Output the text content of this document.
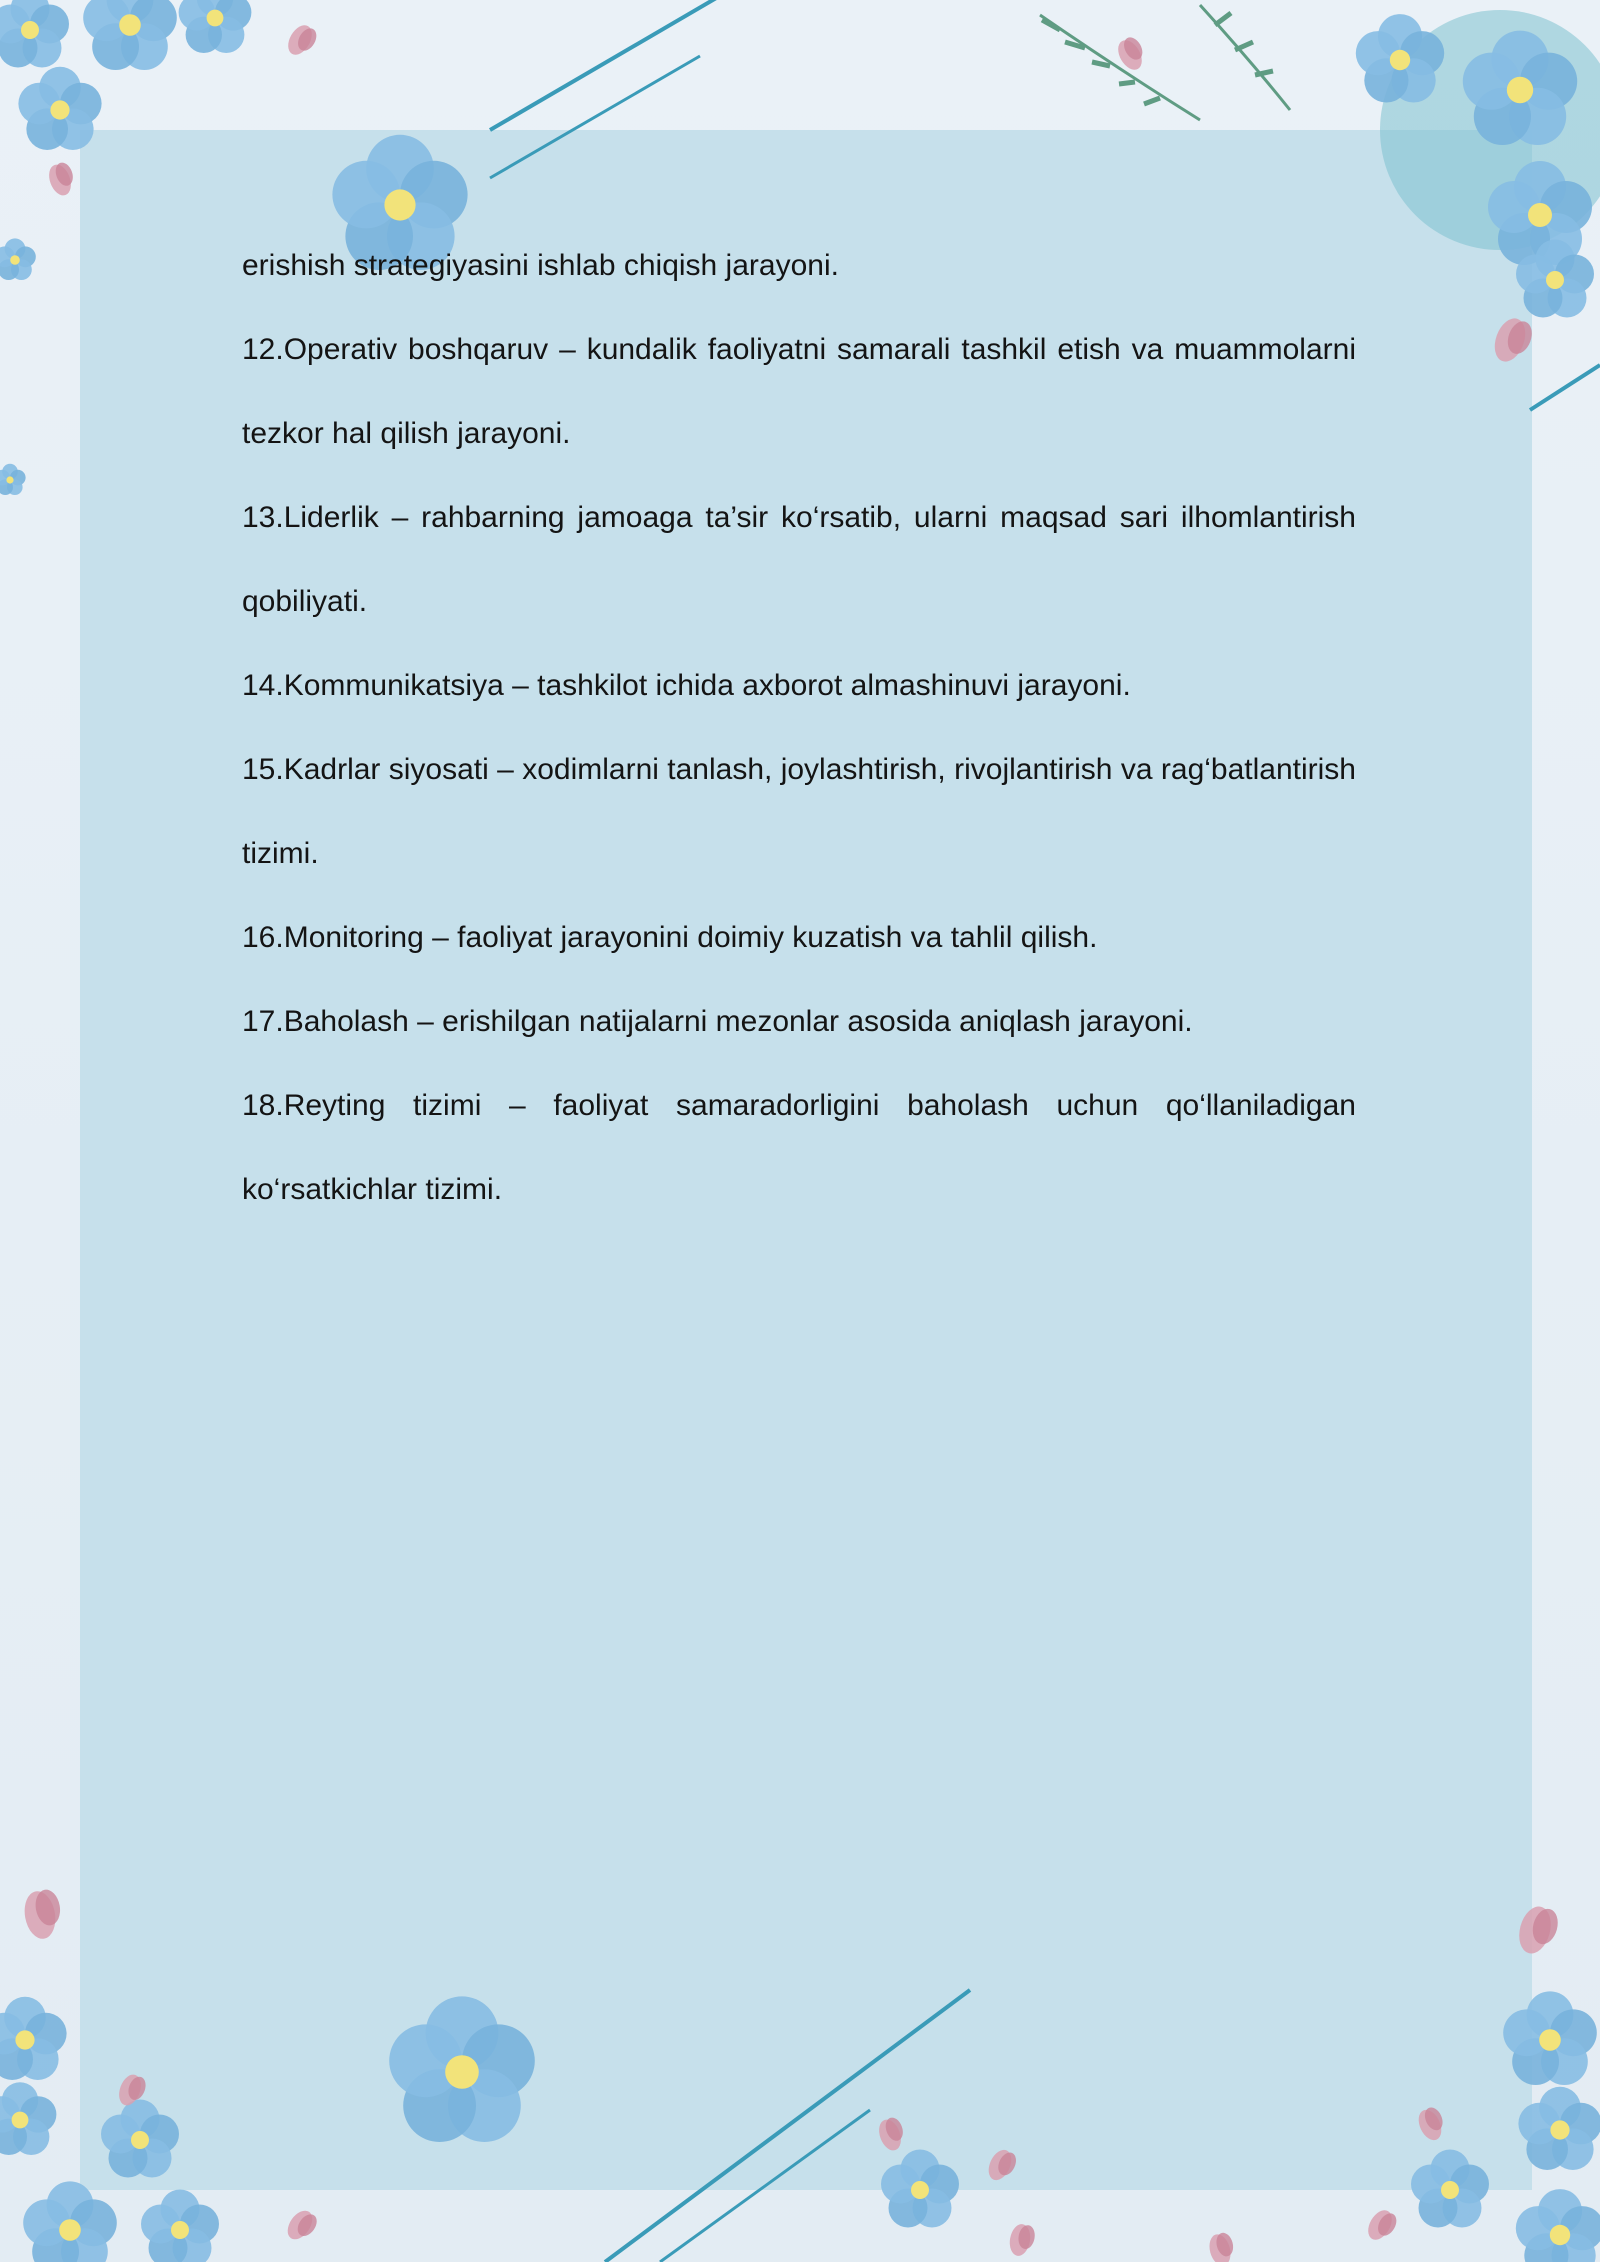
erishish strategiyasini ishlab chiqish jarayoni.

12.Operativ boshqaruv – kundalik faoliyatni samarali tashkil etish va muammolarni tezkor hal qilish jarayoni.

13.Liderlik – rahbarning jamoaga ta’sir ko‘rsatib, ularni maqsad sari ilhomlantirish qobiliyati.

14.Kommunikatsiya – tashkilot ichida axborot almashinuvi jarayoni.

15.Kadrlar siyosati – xodimlarni tanlash, joylashtirish, rivojlantirish va rag‘batlantirish tizimi.

16.Monitoring – faoliyat jarayonini doimiy kuzatish va tahlil qilish.

17.Baholash – erishilgan natijalarni mezonlar asosida aniqlash jarayoni.

18.Reyting tizimi – faoliyat samaradorligini baholash uchun qo‘llaniladigan ko‘rsatkichlar tizimi.
